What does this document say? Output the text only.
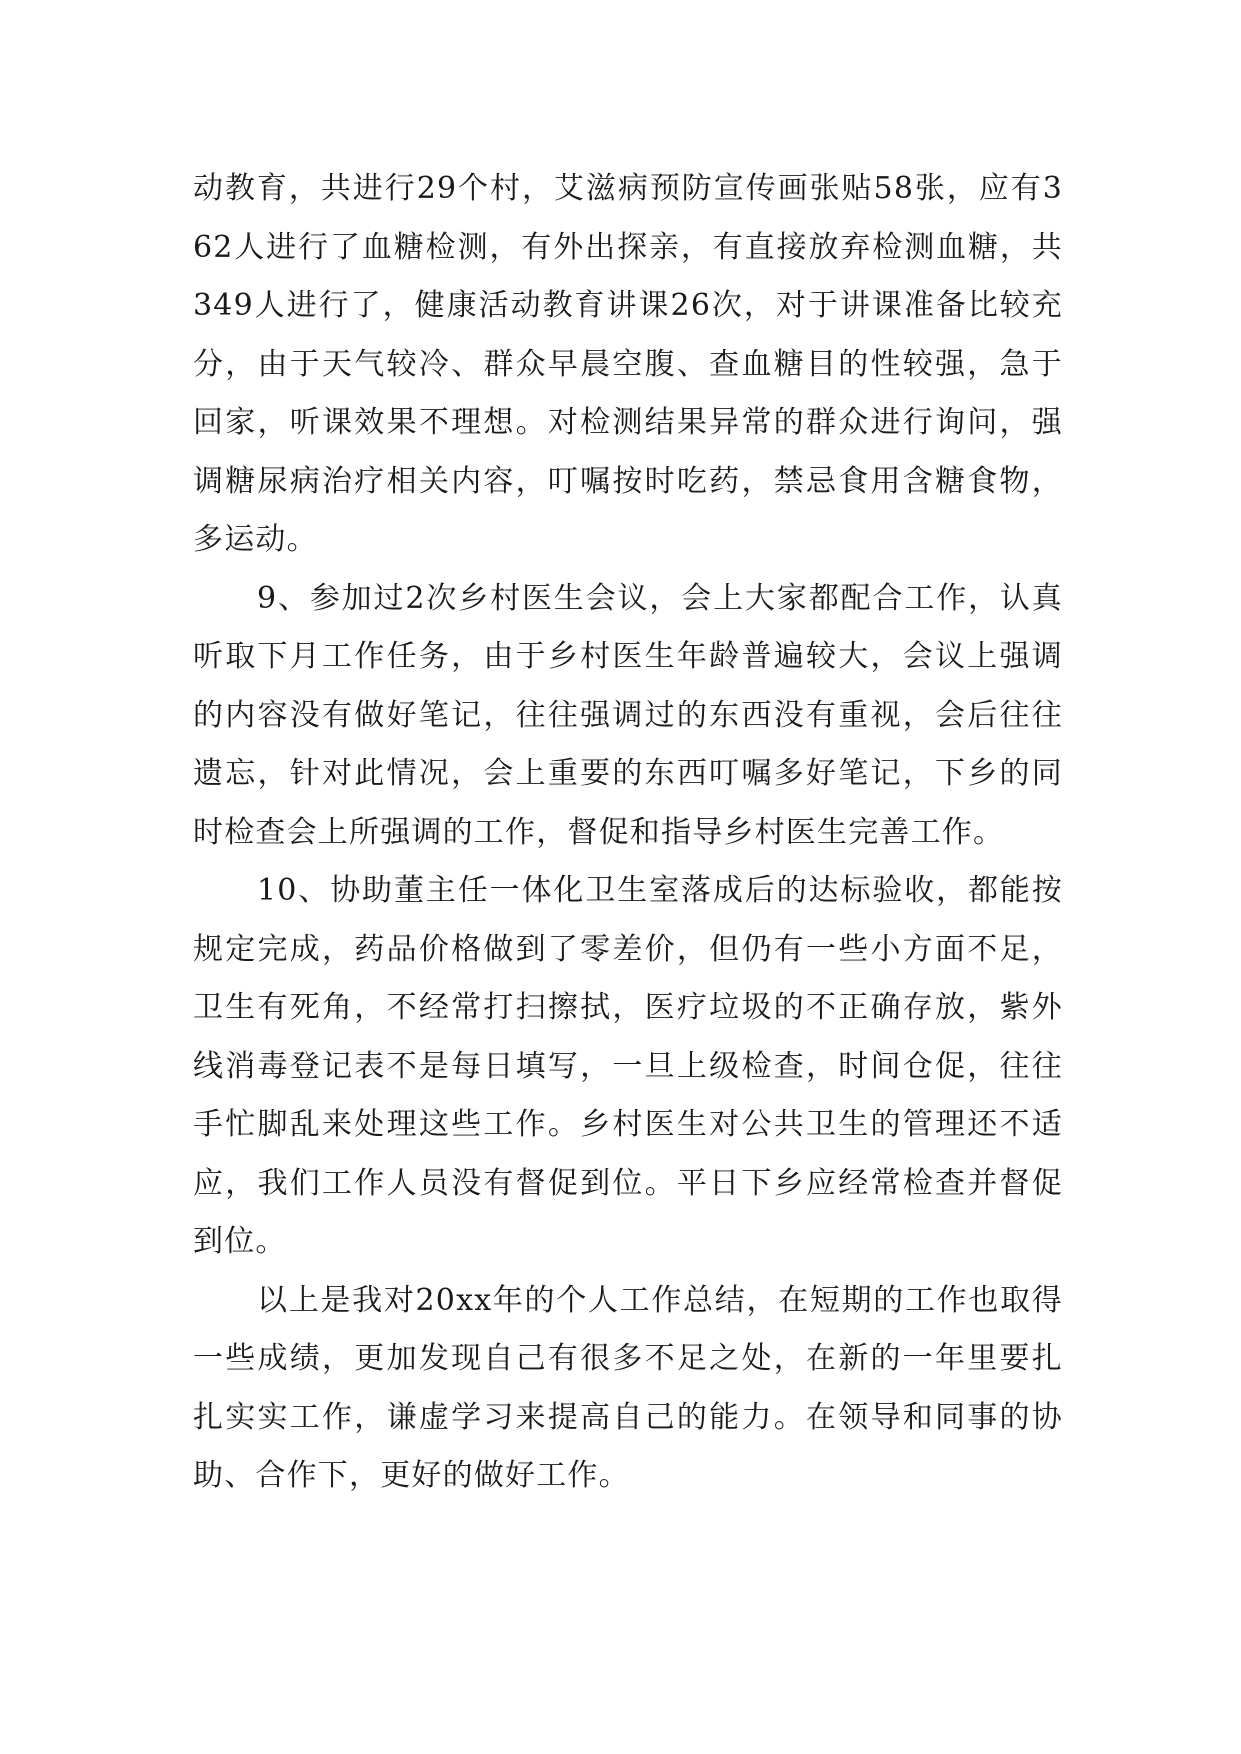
动教育，共进行29个村，艾滋病预防宣传画张贴58张，应有362人进行了血糖检测，有外出探亲，有直接放弃检测血糖，共349人进行了，健康活动教育讲课26次，对于讲课准备比较充分，由于天气较冷、群众早晨空腹、查血糖目的性较强，急于回家，听课效果不理想。对检测结果异常的群众进行询问，强调糖尿病治疗相关内容，叮嘱按时吃药，禁忌食用含糖食物，多运动。

9、参加过2次乡村医生会议，会上大家都配合工作，认真听取下月工作任务，由于乡村医生年龄普遍较大，会议上强调的内容没有做好笔记，往往强调过的东西没有重视，会后往往遗忘，针对此情况，会上重要的东西叮嘱多好笔记，下乡的同时检查会上所强调的工作，督促和指导乡村医生完善工作。

10、协助董主任一体化卫生室落成后的达标验收，都能按规定完成，药品价格做到了零差价，但仍有一些小方面不足，卫生有死角，不经常打扫擦拭，医疗垃圾的不正确存放，紫外线消毒登记表不是每日填写，一旦上级检查，时间仓促，往往手忙脚乱来处理这些工作。乡村医生对公共卫生的管理还不适应，我们工作人员没有督促到位。平日下乡应经常检查并督促到位。

以上是我对20xx年的个人工作总结，在短期的工作也取得一些成绩，更加发现自己有很多不足之处，在新的一年里要扎扎实实工作，谦虚学习来提高自己的能力。在领导和同事的协助、合作下，更好的做好工作。
